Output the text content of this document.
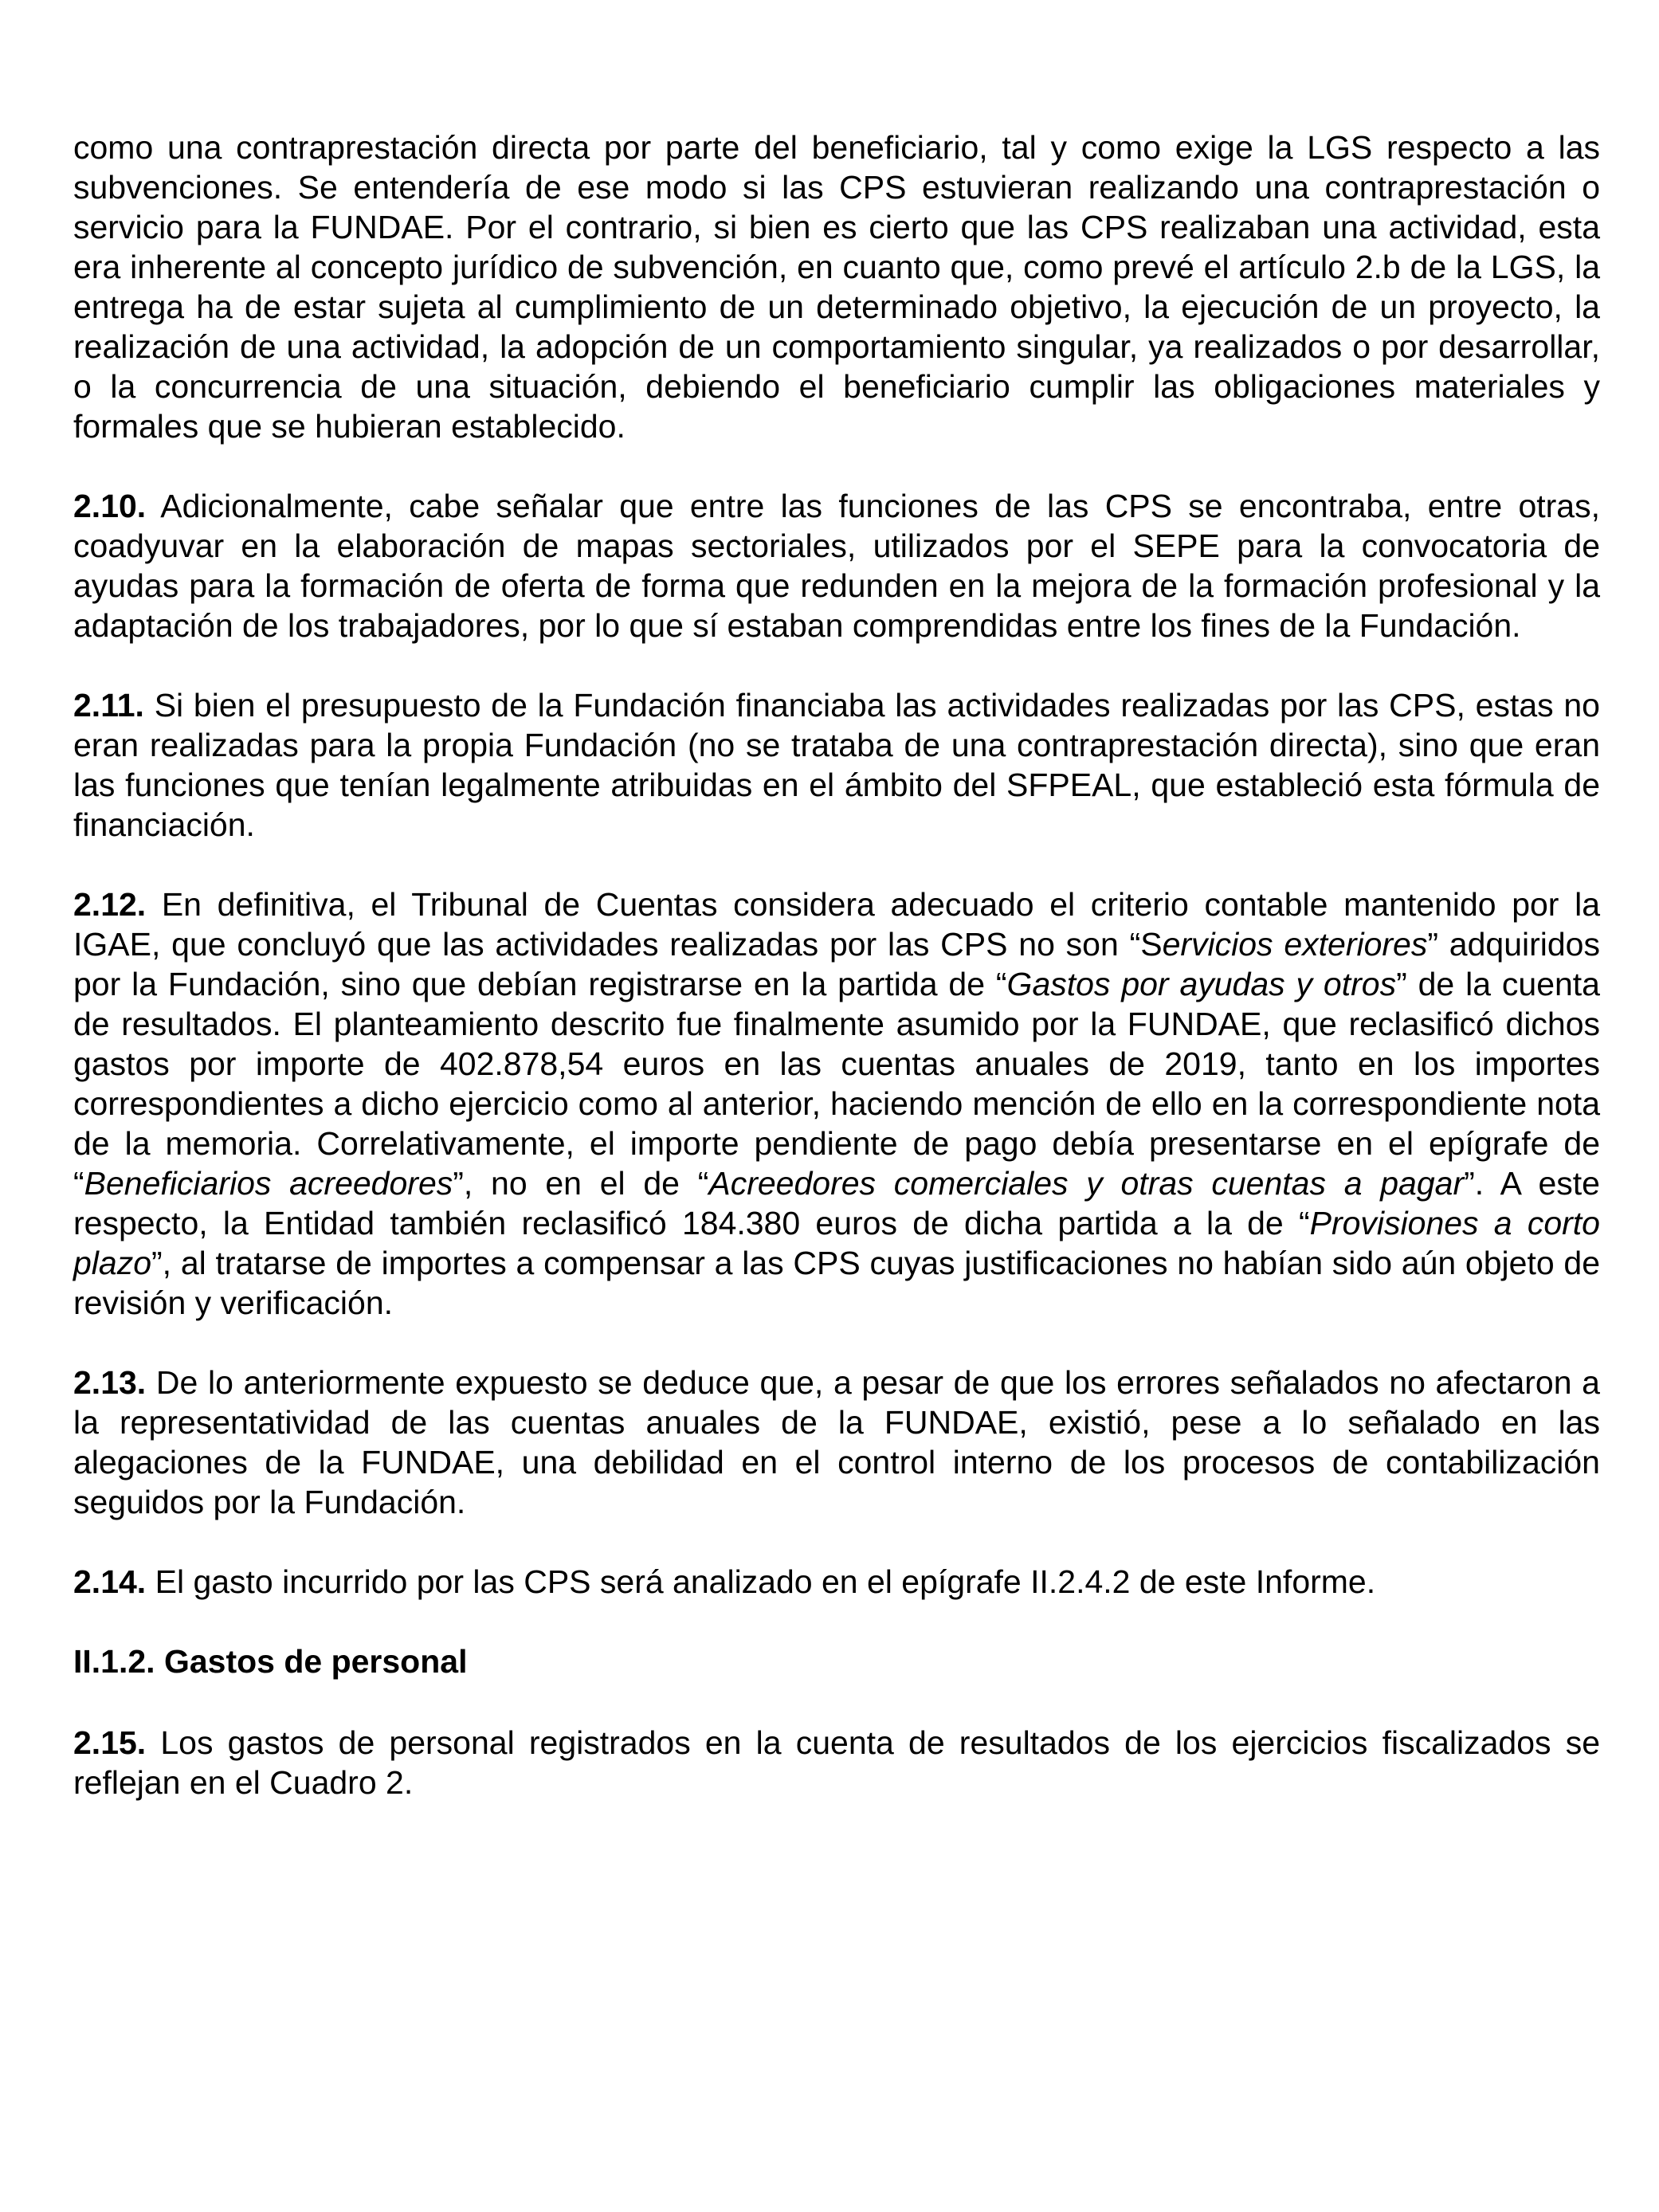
como una contraprestación directa por parte del beneficiario, tal y como exige la LGS respecto a las subvenciones. Se entendería de ese modo si las CPS estuvieran realizando una contraprestación o servicio para la FUNDAE. Por el contrario, si bien es cierto que las CPS realizaban una actividad, esta era inherente al concepto jurídico de subvención, en cuanto que, como prevé el artículo 2.b de la LGS, la entrega ha de estar sujeta al cumplimiento de un determinado objetivo, la ejecución de un proyecto, la realización de una actividad, la adopción de un comportamiento singular, ya realizados o por desarrollar, o la concurrencia de una situación, debiendo el beneficiario cumplir las obligaciones materiales y formales que se hubieran establecido.

2.10. Adicionalmente, cabe señalar que entre las funciones de las CPS se encontraba, entre otras, coadyuvar en la elaboración de mapas sectoriales, utilizados por el SEPE para la convocatoria de ayudas para la formación de oferta de forma que redunden en la mejora de la formación profesional y la adaptación de los trabajadores, por lo que sí estaban comprendidas entre los fines de la Fundación.

2.11. Si bien el presupuesto de la Fundación financiaba las actividades realizadas por las CPS, estas no eran realizadas para la propia Fundación (no se trataba de una contraprestación directa), sino que eran las funciones que tenían legalmente atribuidas en el ámbito del SFPEAL, que estableció esta fórmula de financiación.

2.12. En definitiva, el Tribunal de Cuentas considera adecuado el criterio contable mantenido por la IGAE, que concluyó que las actividades realizadas por las CPS no son “Servicios exteriores” adquiridos por la Fundación, sino que debían registrarse en la partida de “Gastos por ayudas y otros” de la cuenta de resultados. El planteamiento descrito fue finalmente asumido por la FUNDAE, que reclasificó dichos gastos por importe de 402.878,54 euros en las cuentas anuales de 2019, tanto en los importes correspondientes a dicho ejercicio como al anterior, haciendo mención de ello en la correspondiente nota de la memoria. Correlativamente, el importe pendiente de pago debía presentarse en el epígrafe de “Beneficiarios acreedores”, no en el de “Acreedores comerciales y otras cuentas a pagar”. A este respecto, la Entidad también reclasificó 184.380 euros de dicha partida a la de “Provisiones a corto plazo”, al tratarse de importes a compensar a las CPS cuyas justificaciones no habían sido aún objeto de revisión y verificación.

2.13. De lo anteriormente expuesto se deduce que, a pesar de que los errores señalados no afectaron a la representatividad de las cuentas anuales de la FUNDAE, existió, pese a lo señalado en las alegaciones de la FUNDAE, una debilidad en el control interno de los procesos de contabilización seguidos por la Fundación.

2.14. El gasto incurrido por las CPS será analizado en el epígrafe II.2.4.2 de este Informe.

II.1.2. Gastos de personal

2.15. Los gastos de personal registrados en la cuenta de resultados de los ejercicios fiscalizados se reflejan en el Cuadro 2.
